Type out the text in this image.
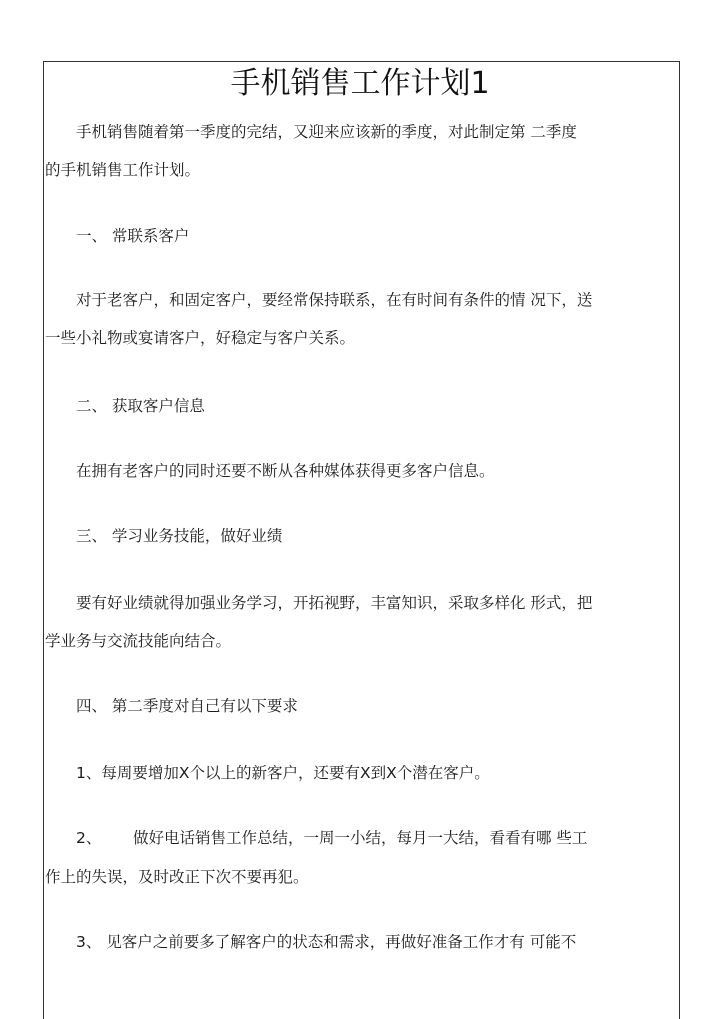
手机销售工作计划1
手机销售随着第一季度的完结，又迎来应该新的季度，对此制定第 二季度
的手机销售工作计划。
一、 常联系客户
对于老客户，和固定客户，要经常保持联系，在有时间有条件的情 况下，送
一些小礼物或宴请客户，好稳定与客户关系。
二、 获取客户信息
在拥有老客户的同时还要不断从各种媒体获得更多客户信息。
三、 学习业务技能，做好业绩
要有好业绩就得加强业务学习，开拓视野，丰富知识，采取多样化 形式，把
学业务与交流技能向结合。
四、 第二季度对自己有以下要求
1、每周要增加X个以上的新客户，还要有X到X个潜在客户。
2、 做好电话销售工作总结，一周一小结，每月一大结，看看有哪 些工
作上的失误，及时改正下次不要再犯。
3、 见客户之前要多了解客户的状态和需求，再做好准备工作才有 可能不
